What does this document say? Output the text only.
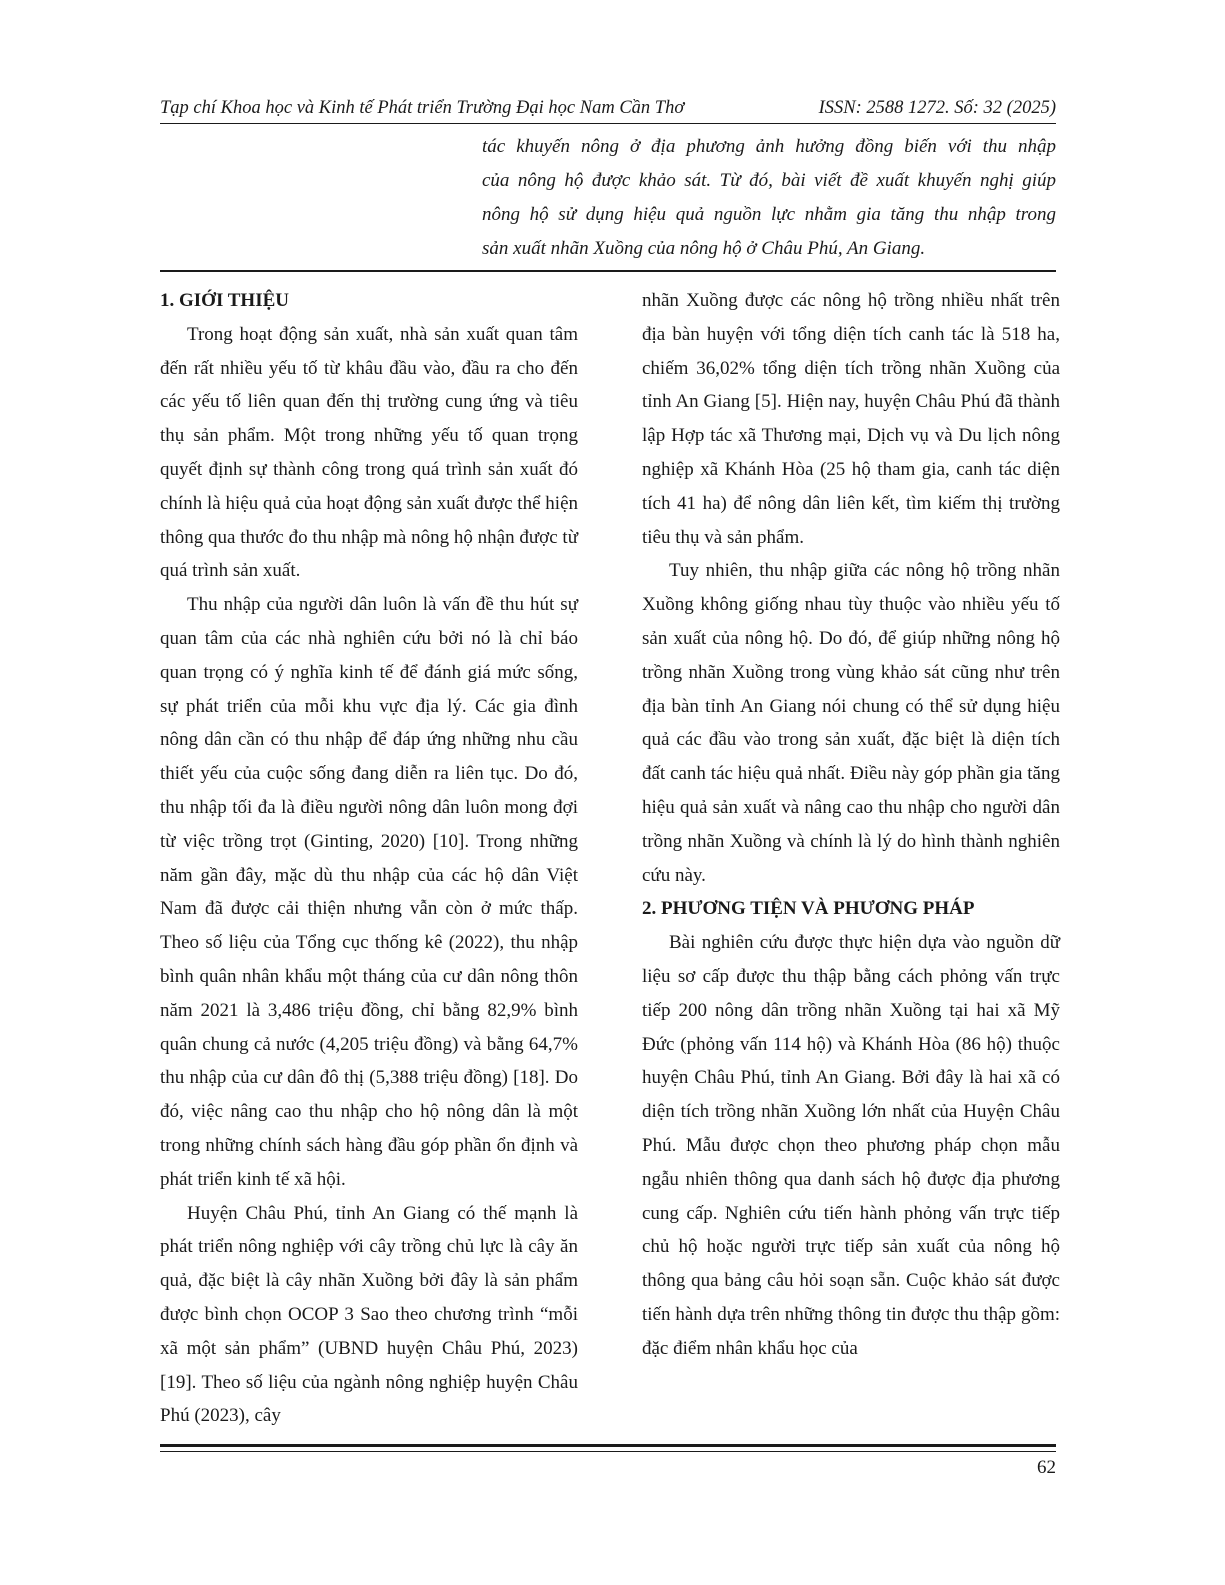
Tạp chí Khoa học và Kinh tế Phát triển Trường Đại học Nam Cần Thơ	ISSN: 2588 1272. Số: 32 (2025)
tác khuyến nông ở địa phương ảnh hưởng đồng biến với thu nhập
của nông hộ được khảo sát. Từ đó, bài viết đề xuất khuyến nghị giúp
nông hộ sử dụng hiệu quả nguồn lực nhằm gia tăng thu nhập trong
sản xuất nhãn Xuồng của nông hộ ở Châu Phú, An Giang.
1. GIỚI THIỆU

Trong hoạt động sản xuất, nhà sản xuất quan tâm đến rất nhiều yếu tố từ khâu đầu vào, đầu ra cho đến các yếu tố liên quan đến thị trường cung ứng và tiêu thụ sản phẩm. Một trong những yếu tố quan trọng quyết định sự thành công trong quá trình sản xuất đó chính là hiệu quả của hoạt động sản xuất được thể hiện thông qua thước đo thu nhập mà nông hộ nhận được từ quá trình sản xuất.

Thu nhập của người dân luôn là vấn đề thu hút sự quan tâm của các nhà nghiên cứu bởi nó là chỉ báo quan trọng có ý nghĩa kinh tế để đánh giá mức sống, sự phát triển của mỗi khu vực địa lý. Các gia đình nông dân cần có thu nhập để đáp ứng những nhu cầu thiết yếu của cuộc sống đang diễn ra liên tục. Do đó, thu nhập tối đa là điều người nông dân luôn mong đợi từ việc trồng trọt (Ginting, 2020) [10]. Trong những năm gần đây, mặc dù thu nhập của các hộ dân Việt Nam đã được cải thiện nhưng vẫn còn ở mức thấp. Theo số liệu của Tổng cục thống kê (2022), thu nhập bình quân nhân khẩu một tháng của cư dân nông thôn năm 2021 là 3,486 triệu đồng, chỉ bằng 82,9% bình quân chung cả nước (4,205 triệu đồng) và bằng 64,7% thu nhập của cư dân đô thị (5,388 triệu đồng) [18]. Do đó, việc nâng cao thu nhập cho hộ nông dân là một trong những chính sách hàng đầu góp phần ổn định và phát triển kinh tế xã hội.

Huyện Châu Phú, tỉnh An Giang có thế mạnh là phát triển nông nghiệp với cây trồng chủ lực là cây ăn quả, đặc biệt là cây nhãn Xuồng bởi đây là sản phẩm được bình chọn OCOP 3 Sao theo chương trình “mỗi xã một sản phẩm” (UBND huyện Châu Phú, 2023) [19]. Theo số liệu của ngành nông nghiệp huyện Châu Phú (2023), cây

nhãn Xuồng được các nông hộ trồng nhiều nhất trên địa bàn huyện với tổng diện tích canh tác là 518 ha, chiếm 36,02% tổng diện tích trồng nhãn Xuồng của tỉnh An Giang [5]. Hiện nay, huyện Châu Phú đã thành lập Hợp tác xã Thương mại, Dịch vụ và Du lịch nông nghiệp xã Khánh Hòa (25 hộ tham gia, canh tác diện tích 41 ha) để nông dân liên kết, tìm kiếm thị trường tiêu thụ và sản phẩm.

Tuy nhiên, thu nhập giữa các nông hộ trồng nhãn Xuồng không giống nhau tùy thuộc vào nhiều yếu tố sản xuất của nông hộ. Do đó, để giúp những nông hộ trồng nhãn Xuồng trong vùng khảo sát cũng như trên địa bàn tỉnh An Giang nói chung có thể sử dụng hiệu quả các đầu vào trong sản xuất, đặc biệt là diện tích đất canh tác hiệu quả nhất. Điều này góp phần gia tăng hiệu quả sản xuất và nâng cao thu nhập cho người dân trồng nhãn Xuồng và chính là lý do hình thành nghiên cứu này.

2. PHƯƠNG TIỆN VÀ PHƯƠNG PHÁP

Bài nghiên cứu được thực hiện dựa vào nguồn dữ liệu sơ cấp được thu thập bằng cách phỏng vấn trực tiếp 200 nông dân trồng nhãn Xuồng tại hai xã Mỹ Đức (phỏng vấn 114 hộ) và Khánh Hòa (86 hộ) thuộc huyện Châu Phú, tỉnh An Giang. Bởi đây là hai xã có diện tích trồng nhãn Xuồng lớn nhất của Huyện Châu Phú. Mẫu được chọn theo phương pháp chọn mẫu ngẫu nhiên thông qua danh sách hộ được địa phương cung cấp. Nghiên cứu tiến hành phỏng vấn trực tiếp chủ hộ hoặc người trực tiếp sản xuất của nông hộ thông qua bảng câu hỏi soạn sẵn. Cuộc khảo sát được tiến hành dựa trên những thông tin được thu thập gồm: đặc điểm nhân khẩu học của

62
